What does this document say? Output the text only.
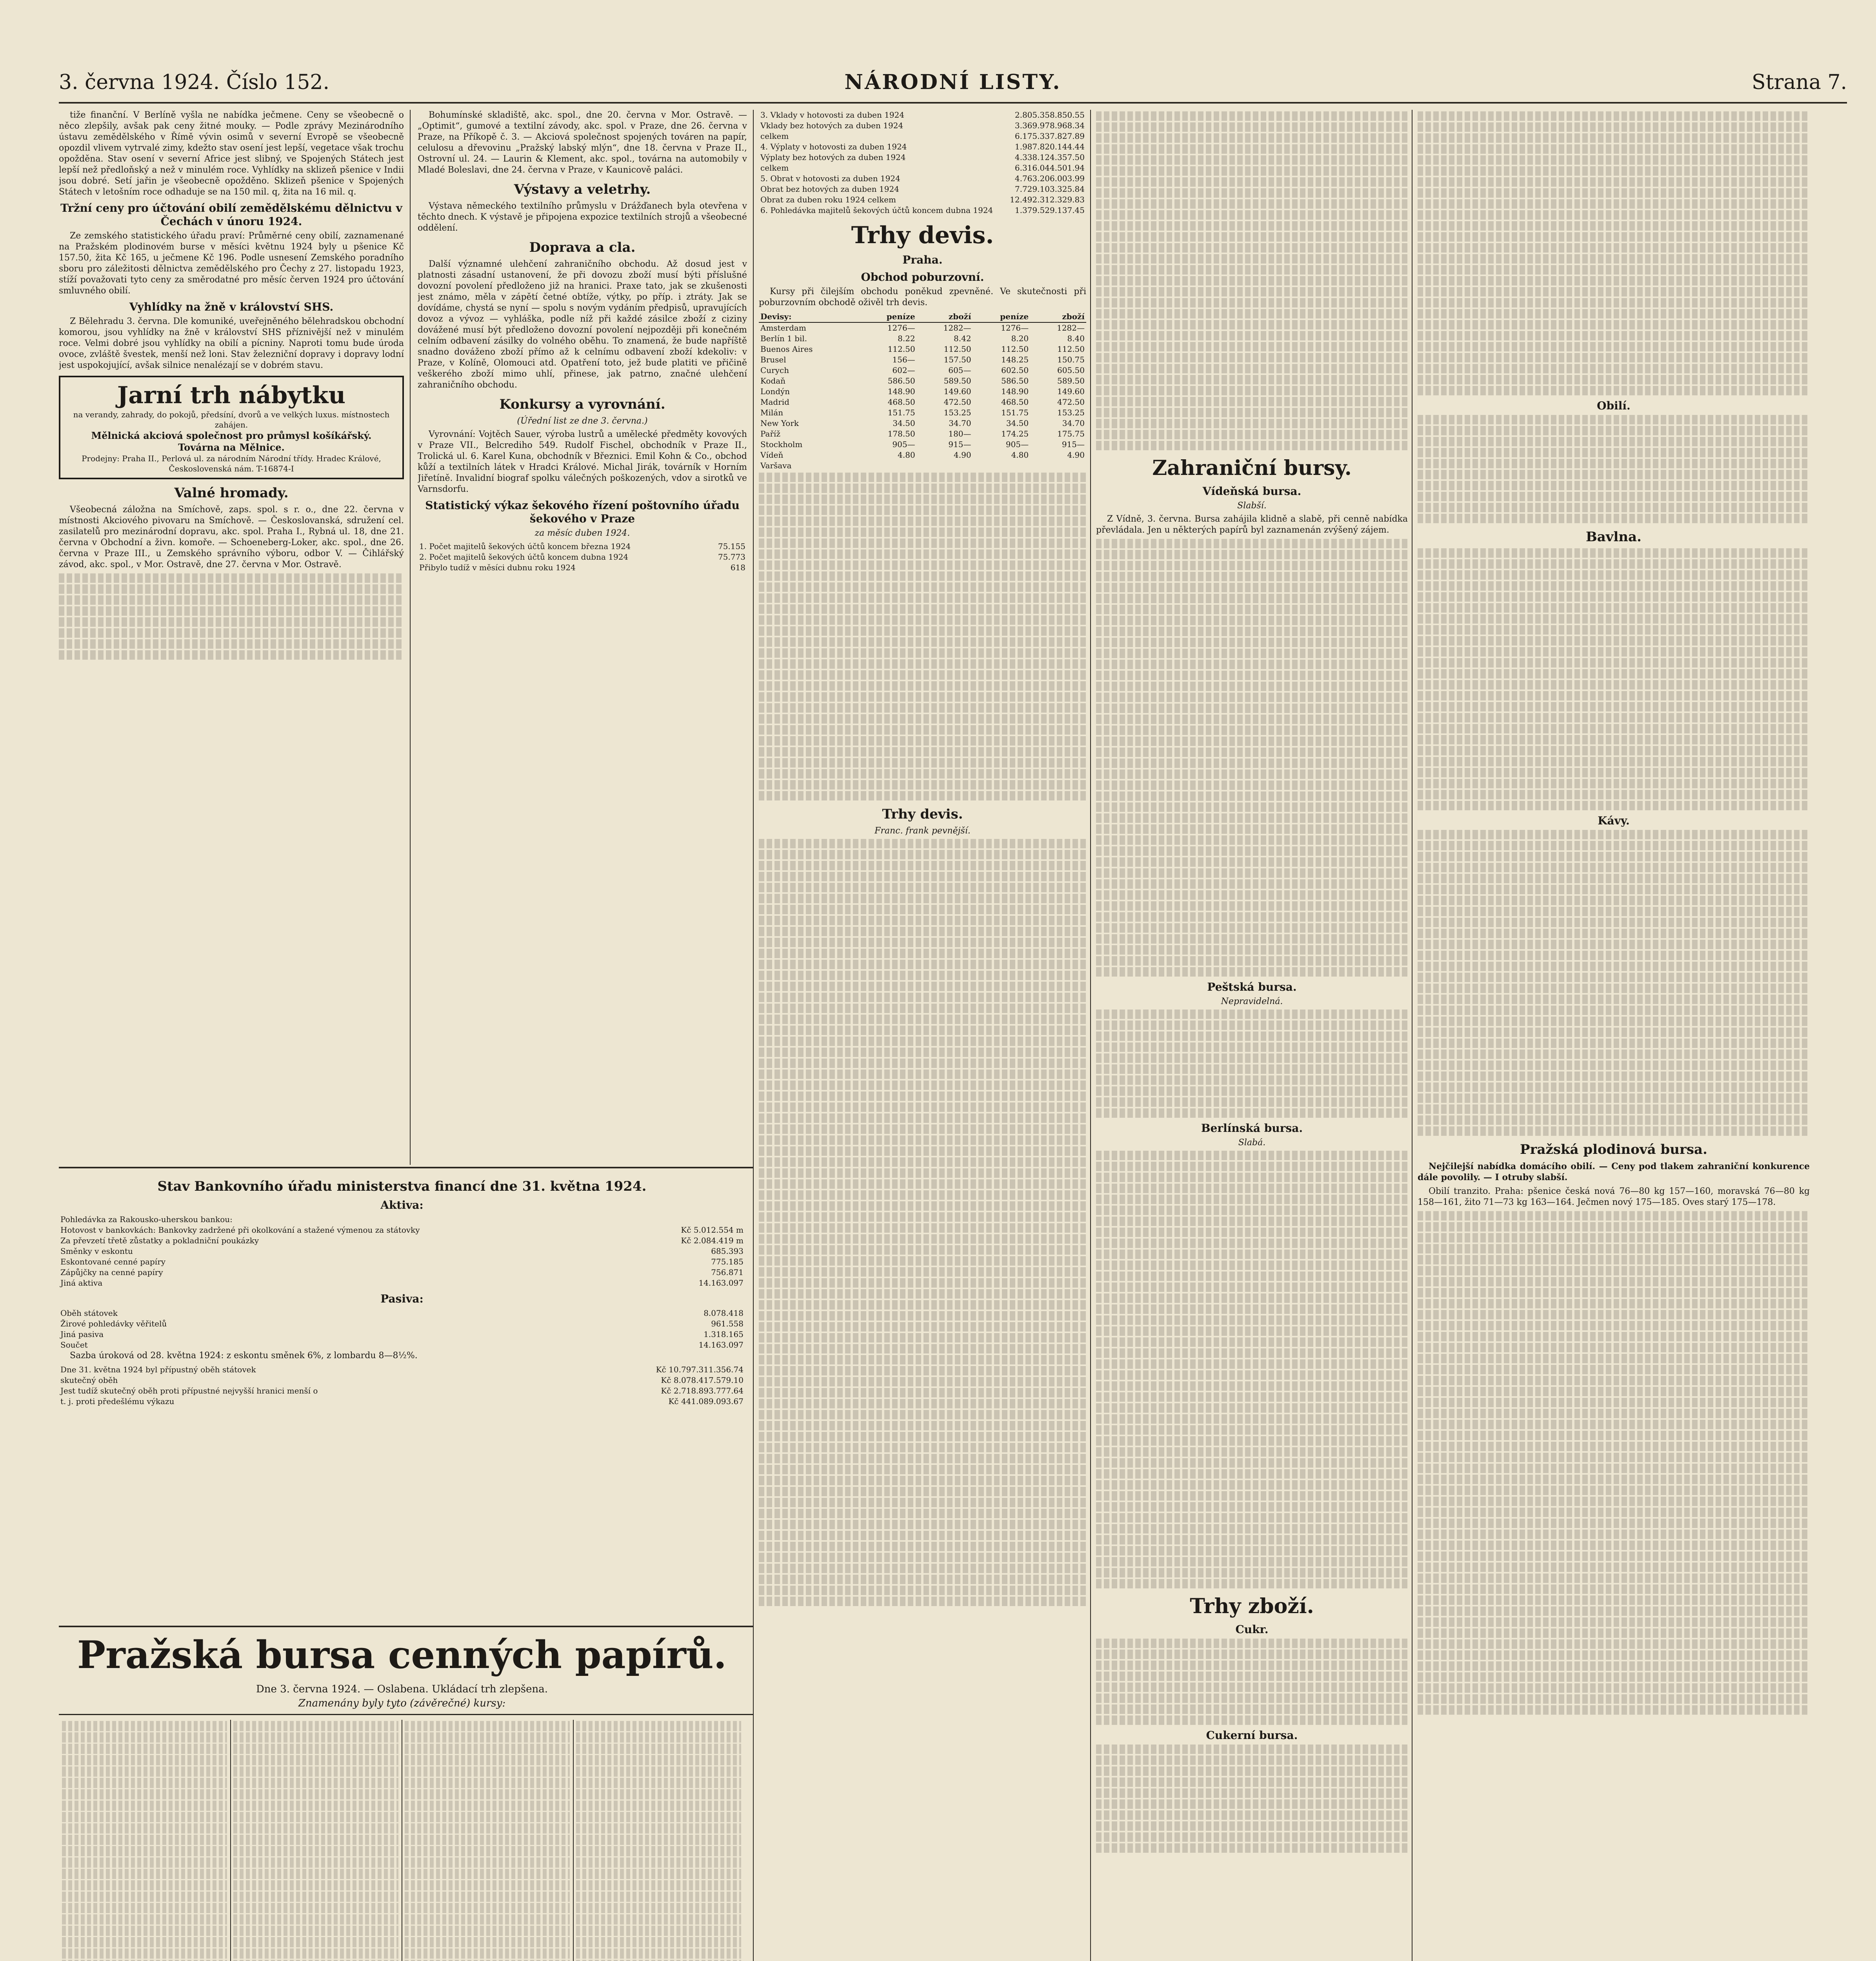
3. června 1924. Číslo 152.	NÁRODNÍ LISTY.	Strana 7.

tiže finanční. V Berlíně vyšla ne nabídka ječmene. Ceny se všeobecně o něco zlepšily, avšak pak ceny žitné mouky. — Podle zprávy Mezinárodního ústavu zemědělského v Římě vývin osimů v severní Evropě se všeobecně opozdil vlivem vytrvalé zimy, kdežto stav osení jest lepší, vegetace však trochu opožděna. Stav osení v severní Africe jest slibný, ve Spojených Státech jest lepší než předloňský a než v minulém roce. Vyhlídky na sklizeň pšenice v Indii jsou dobré. Setí jařin je všeobecně opožděno. Sklizeň pšenice v Spojených Státech v letošním roce odhaduje se na 150 mil. q, žita na 16 mil. q.

Tržní ceny pro účtování obilí zemědělskému dělnictvu v Čechách v únoru 1924.

Ze zemského statistického úřadu praví: Průměrné ceny obilí, zaznamenané na Pražském plodinovém burse v měsíci květnu 1924 byly u pšenice Kč 157.50, žita Kč 165, u ječmene Kč 196. Podle usnesení Zemského poradního sboru pro záležitosti dělnictva zemědělského pro Čechy z 27. listopadu 1923, stíží považovati tyto ceny za směrodatné pro měsíc červen 1924 pro účtování smluvného obilí.

Vyhlídky na žně v království SHS.

Z Bělehradu 3. června. Dle komuniké, uveřejněného bělehradskou obchodní komorou, jsou vyhlídky na žně v království SHS příznivější než v minulém roce. Velmi dobré jsou vyhlídky na obilí a pícniny. Naproti tomu bude úroda ovoce, zvláště švestek, menší než loni. Stav železniční dopravy i dopravy lodní jest uspokojující, avšak silnice nenalézají se v dobrém stavu.

Jarní trh nábytku
na verandy, zahrady, do pokojů, předsíní, dvorů a ve velkých luxus. místnostech zahájen.
Mělnická akciová společnost pro průmysl košíkářský.
Továrna na Mělnice.
Prodejny: Praha II., Perlová ul. za národním Národní třídy. Hradec Králové, Československá nám. T-16874-I
Valné hromady.

Všeobecná záložna na Smíchově, zaps. spol. s r. o., dne 22. června v místnosti Akciového pivovaru na Smíchově. — Českoslovanská, sdružení cel. zasilatelů pro mezinárodní dopravu, akc. spol. Praha I., Rybná ul. 18, dne 21. června v Obchodní a živn. komoře. — Schoeneberg-Loker, akc. spol., dne 26. června v Praze III., u Zemského správního výboru, odbor V. — Čihlářský závod, akc. spol., v Mor. Ostravě, dne 27. června v Mor. Ostravě.

Bohumínské skladiště, akc. spol., dne 20. června v Mor. Ostravě. — „Optimit“, gumové a textilní závody, akc. spol. v Praze, dne 26. června v Praze, na Příkopě č. 3. — Akciová společnost spojených továren na papír, celulosu a dřevovinu „Pražský labský mlýn“, dne 18. června v Praze II., Ostrovní ul. 24. — Laurin & Klement, akc. spol., továrna na automobily v Mladé Boleslavi, dne 24. června v Praze, v Kaunicově paláci.

Výstavy a veletrhy.

Výstava německého textilního průmyslu v Drážďanech byla otevřena v těchto dnech. K výstavě je připojena expozice textilních strojů a všeobecné oddělení.

Doprava a cla.

Další významné ulehčení zahraničního obchodu. Až dosud jest v platnosti zásadní ustanovení, že při dovozu zboží musí býti příslušné dovozní povolení předloženo již na hranici. Praxe tato, jak se zkušenosti jest známo, měla v zápětí četné obtíže, výtky, po příp. i ztráty. Jak se dovídáme, chystá se nyní — spolu s novým vydáním předpisů, upravujících dovoz a vývoz — vyhláška, podle níž při každé zásilce zboží z ciziny dovážené musí být předloženo dovozní povolení nejpozději při konečném celním odbavení zásilky do volného oběhu. To znamená, že bude napříště snadno dováženo zboží přímo až k celnímu odbavení zboží kdekoliv: v Praze, v Kolíně, Olomouci atd. Opatření toto, jež bude platiti ve přičině veškerého zboží mimo uhlí, přinese, jak patrno, značné ulehčení zahraničního obchodu.

Konkursy a vyrovnání.
(Úřední list ze dne 3. června.)

Vyrovnání: Vojtěch Sauer, výroba lustrů a umělecké předměty kovových v Praze VII., Belcrediho 549. Rudolf Fischel, obchodník v Praze II., Trolická ul. 6. Karel Kuna, obchodník v Březnici. Emil Kohn & Co., obchod kůží a textilních látek v Hradci Králové. Michal Jirák, továrník v Horním Jiřetíně. Invalidní biograf spolku válečných poškozených, vdov a sirotků ve Varnsdorfu.

Statistický výkaz šekového řízení poštovního úřadu šekového v Praze
za měsíc duben 1924.
1. Počet majitelů šekových účtů koncem března 1924	75.155
2. Počet majitelů šekových účtů koncem dubna 1924	75.773
Přibylo tudíž v měsíci dubnu roku 1924	618
Stav Bankovního úřadu ministerstva financí dne 31. května 1924.
Aktiva:
Pohledávka za Rakousko-uherskou bankou:	
Hotovost v bankovkách: Bankovky zadržené při okolkování a stažené výmenou za státovky	Kč 5.012.554 m
Za převzetí třetě zůstatky a pokladniční poukázky	Kč 2.084.419 m
Směnky v eskontu	685.393
Eskontované cenné papíry	775.185
Zápůjčky na cenné papíry	756.871
Jiná aktiva	14.163.097
Pasiva:
Oběh státovek	8.078.418
Žirové pohledávky věřitelů	961.558
Jiná pasiva	1.318.165
Součet	14.163.097

Sazba úroková od 28. května 1924: z eskontu směnek 6%, z lombardu 8—8½%.

Dne 31. května 1924 byl přípustný oběh státovek	Kč 10.797.311.356.74
skutečný oběh	Kč 8.078.417.579.10
Jest tudíž skutečný oběh proti přípustné nejvyšší hranici menší o	Kč 2.718.893.777.64
t. j. proti předešlému výkazu	Kč 441.089.093.67
Pražská bursa cenných papírů.
Dne 3. června 1924. — Oslabena. Ukládací trh zlepšena.
Znamenány byly tyto (závěrečné) kursy:
3. Vklady v hotovosti za duben 1924	2.805.358.850.55
Vklady bez hotových za duben 1924	3.369.978.968.34
celkem	6.175.337.827.89
4. Výplaty v hotovosti za duben 1924	1.987.820.144.44
Výplaty bez hotových za duben 1924	4.338.124.357.50
celkem	6.316.044.501.94
5. Obrat v hotovosti za duben 1924	4.763.206.003.99
Obrat bez hotových za duben 1924	7.729.103.325.84
Obrat za duben roku 1924 celkem	12.492.312.329.83
6. Pohledávka majitelů šekových účtů koncem dubna 1924	1.379.529.137.45
Trhy devis.
Praha.
Obchod poburzovní.

Kursy při čilejším obchodu poněkud zpevněné. Ve skutečnosti při poburzovním obchodě oživěl trh devis.

Devisy:	peníze	zboží	peníze	zboží
Amsterdam	1276—	1282—	1276—	1282—
Berlín 1 bil.	8.22	8.42	8.20	8.40
Buenos Aires	112.50	112.50	112.50	112.50
Brusel	156—	157.50	148.25	150.75
Curych	602—	605—	602.50	605.50
Kodaň	586.50	589.50	586.50	589.50
Londýn	148.90	149.60	148.90	149.60
Madrid	468.50	472.50	468.50	472.50
Milán	151.75	153.25	151.75	153.25
New York	34.50	34.70	34.50	34.70
Paříž	178.50	180—	174.25	175.75
Stockholm	905—	915—	905—	915—
Vídeň	4.80	4.90	4.80	4.90
Varšava				
Trhy devis.
Franc. frank pevnější.
Zahraniční bursy.
Vídeňská bursa.
Slabší.

Z Vídně, 3. června. Bursa zahájila klidně a slabě, při cenně nabídka převládala. Jen u některých papírů byl zaznamenán zvýšený zájem.

Peštská bursa.
Nepravidelná.
Berlínská bursa.
Slabá.
Trhy zboží.
Cukr.
Cukerní bursa.
Obilí.
Bavlna.
Kávy.
Pražská plodinová bursa.

Nejčilejší nabídka domácího obilí. — Ceny pod tlakem zahraniční konkurence dále povolily. — I otruby slabší.

Obilí tranzito. Praha: pšenice česká nová 76—80 kg 157—160, moravská 76—80 kg 158—161, žito 71—73 kg 163—164. Ječmen nový 175—185. Oves starý 175—178.
